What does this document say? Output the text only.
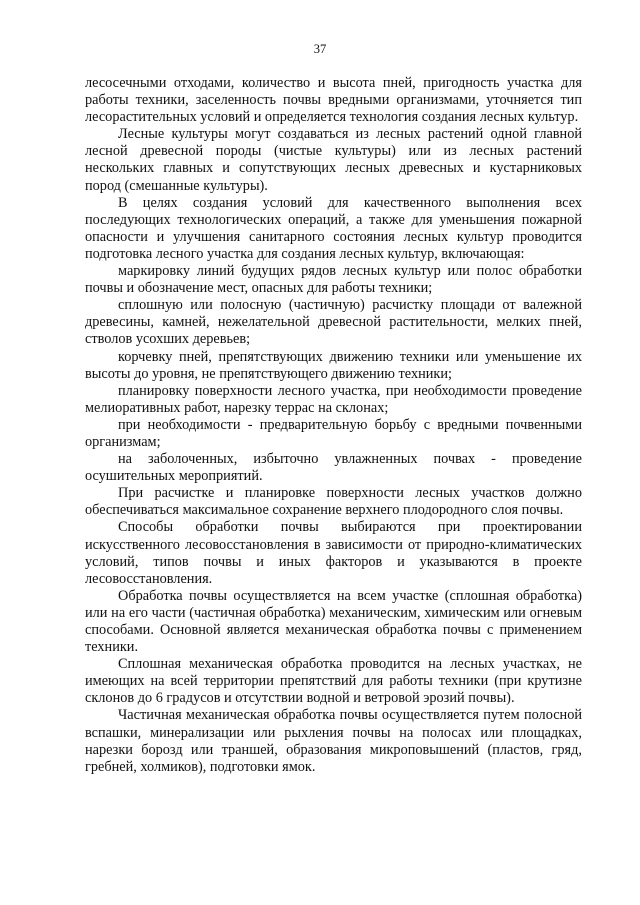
37

лесосечными отходами, количество и высота пней, пригодность участка для работы техники, заселенность почвы вредными организмами, уточняется тип лесорастительных условий и определяется технология создания лесных культур.

Лесные культуры могут создаваться из лесных растений одной главной лесной древесной породы (чистые культуры) или из лесных растений нескольких главных и сопутствующих лесных древесных и кустарниковых пород (смешанные культуры).

В целях создания условий для качественного выполнения всех последующих технологических операций, а также для уменьшения пожарной опасности и улучшения санитарного состояния лесных культур проводится подготовка лесного участка для создания лесных культур, включающая:

маркировку линий будущих рядов лесных культур или полос обработки почвы и обозначение мест, опасных для работы техники;

сплошную или полосную (частичную) расчистку площади от валежной древесины, камней, нежелательной древесной растительности, мелких пней, стволов усохших деревьев;

корчевку пней, препятствующих движению техники или уменьшение их высоты до уровня, не препятствующего движению техники;

планировку поверхности лесного участка, при необходимости проведение мелиоративных работ, нарезку террас на склонах;

при необходимости - предварительную борьбу с вредными почвенными организмам;

на заболоченных, избыточно увлажненных почвах - проведение осушительных мероприятий.

При расчистке и планировке поверхности лесных участков должно обеспечиваться максимальное сохранение верхнего плодородного слоя почвы.

Способы обработки почвы выбираются при проектировании искусственного лесовосстановления в зависимости от природно-климатических условий, типов почвы и иных факторов и указываются в проекте лесовосстановления.

Обработка почвы осуществляется на всем участке (сплошная обработка) или на его части (частичная обработка) механическим, химическим или огневым способами. Основной является механическая обработка почвы с применением техники.

Сплошная механическая обработка проводится на лесных участках, не имеющих на всей территории препятствий для работы техники (при крутизне склонов до 6 градусов и отсутствии водной и ветровой эрозий почвы).

Частичная механическая обработка почвы осуществляется путем полосной вспашки, минерализации или рыхления почвы на полосах или площадках, нарезки борозд или траншей, образования микроповышений (пластов, гряд, гребней, холмиков), подготовки ямок.
